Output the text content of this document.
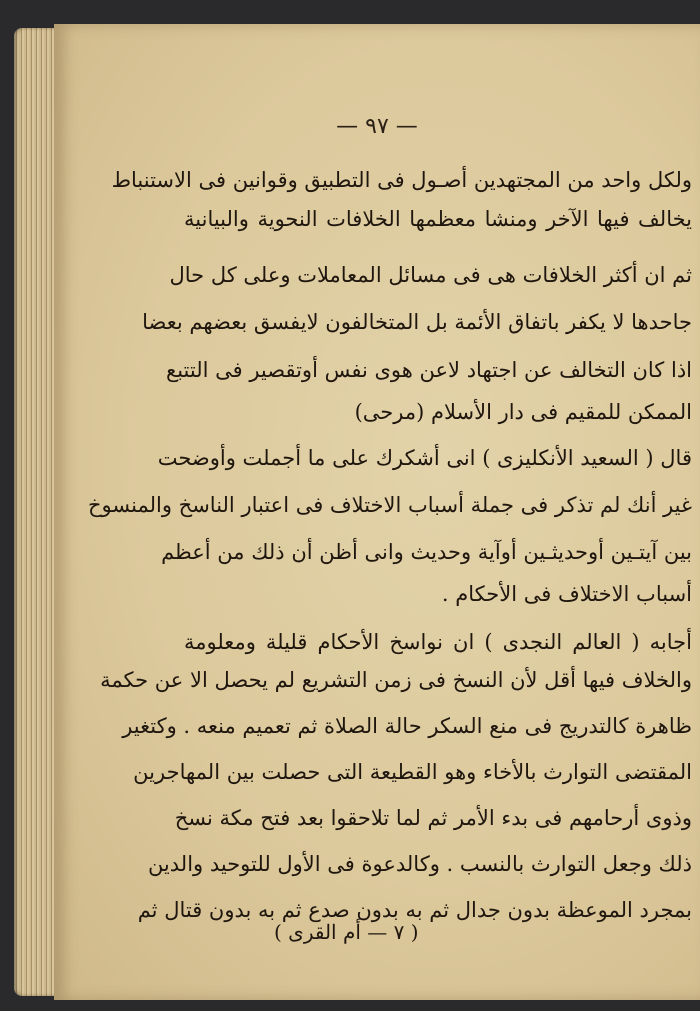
— ٩٧ —
ولكل واحد من المجتهدين أصـول فى التطبيق وقوانين فى الاستنباط
يخالف فيها الآخر ومنشا معظمها الخلافات النحوية والبيانية
ثم ان أكثر الخلافات هى فى مسائل المعاملات وعلى كل حال
جاحدها لا يكفر باتفاق الأئمة بل المتخالفون لايفسق بعضهم بعضا
اذا كان التخالف عن اجتهاد لاعن هوى نفس أوتقصير فى التتبع
الممكن للمقيم فى دار الأسلام (مرحى)
قال ( السعيد الأنكليزى ) انى أشكرك على ما أجملت وأوضحت
غير أنك لم تذكر فى جملة أسباب الاختلاف فى اعتبار الناسخ والمنسوخ
بين آيتـين أوحديثـين أوآية وحديث وانى أظن أن ذلك من أعظم
أسباب الاختلاف فى الأحكام .
أجابه ( العالم النجدى ) ان نواسخ الأحكام قليلة ومعلومة
والخلاف فيها أقل لأن النسخ فى زمن التشريع لم يحصل الا عن حكمة
ظاهرة كالتدريج فى منع السكر حالة الصلاة ثم تعميم منعه . وكتغير
المقتضى التوارث بالأخاء وهو القطيعة التى حصلت بين المهاجرين
وذوى أرحامهم فى بدء الأمر ثم لما تلاحقوا بعد فتح مكة نسخ
ذلك وجعل التوارث بالنسب . وكالدعوة فى الأول للتوحيد والدين
بمجرد الموعظة بدون جدال ثم به بدون صدع ثم به بدون قتال ثم
( ٧ — أم القرى )
